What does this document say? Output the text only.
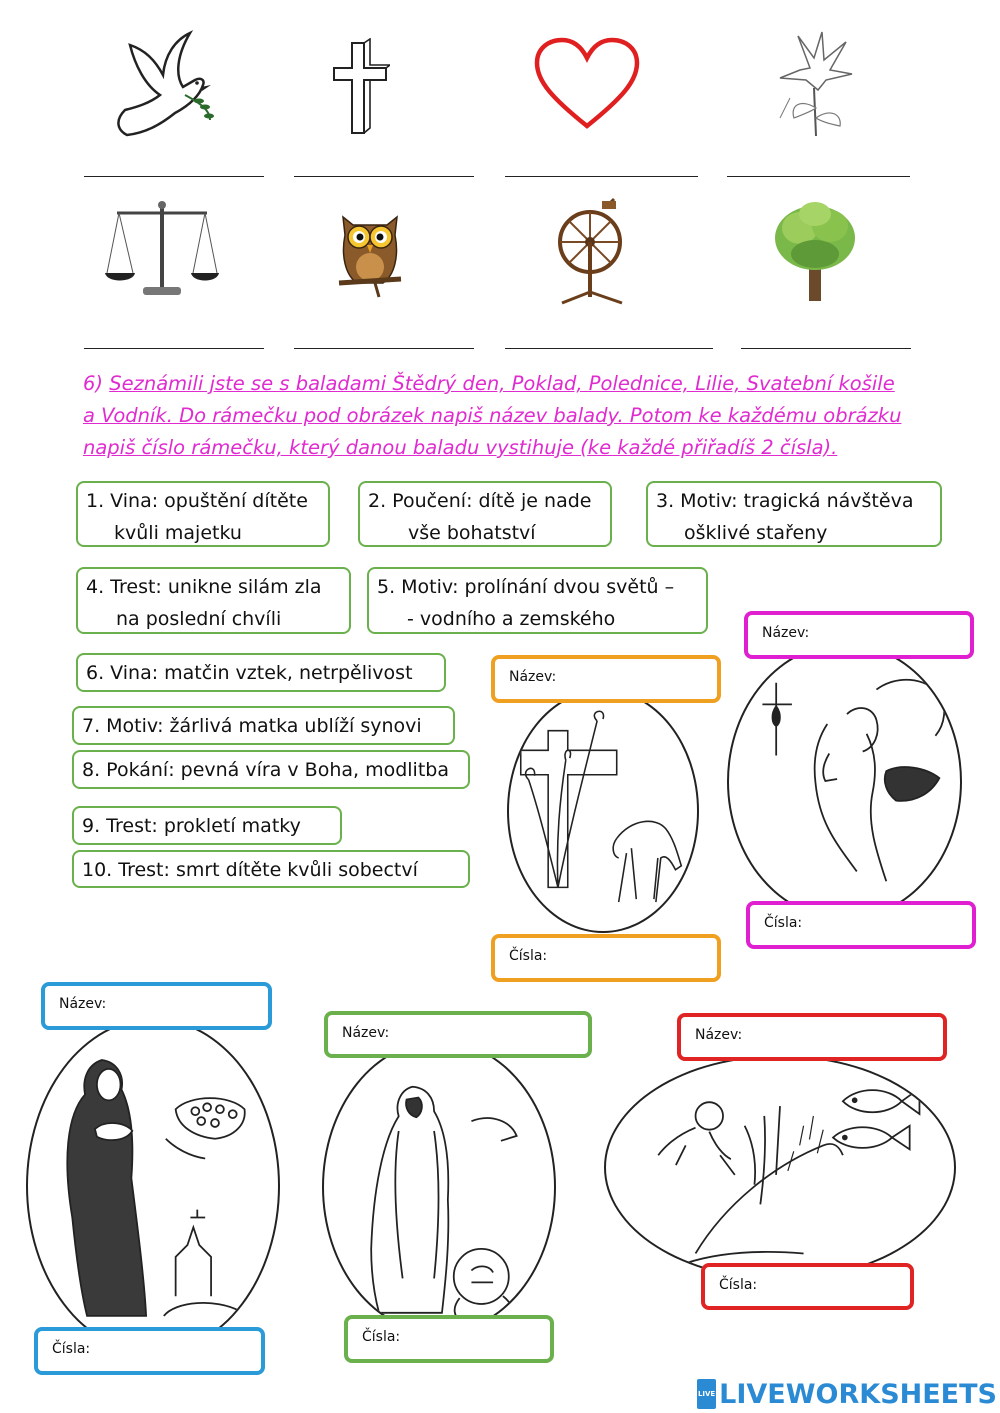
6) Seznámili jste se s baladami Štědrý den, Poklad, Polednice, Lilie, Svatební košile
a Vodník. Do rámečku pod obrázek napiš název balady. Potom ke každému obrázku
napiš číslo rámečku, který danou baladu vystihuje (ke každé přiřadíš 2 čísla).
1. Vina: opuštění dítěte
kvůli majetku
2. Poučení: dítě je nade
vše bohatství
3. Motiv: tragická návštěva
ošklivé stařeny
4. Trest: unikne silám zla
na poslední chvíli
5. Motiv: prolínání dvou světů –
- vodního a zemského
6. Vina: matčin vztek, netrpělivost
7. Motiv: žárlivá matka ublíží synovi
8. Pokání: pevná víra v Boha, modlitba
9. Trest: prokletí matky
10. Trest: smrt dítěte kvůli sobectví
Název:
Čísla:
Název:
Čísla:
Název:
Čísla:
Název:
Čísla:
Název:
Čísla:
LIVE LIVEWORKSHEETS
